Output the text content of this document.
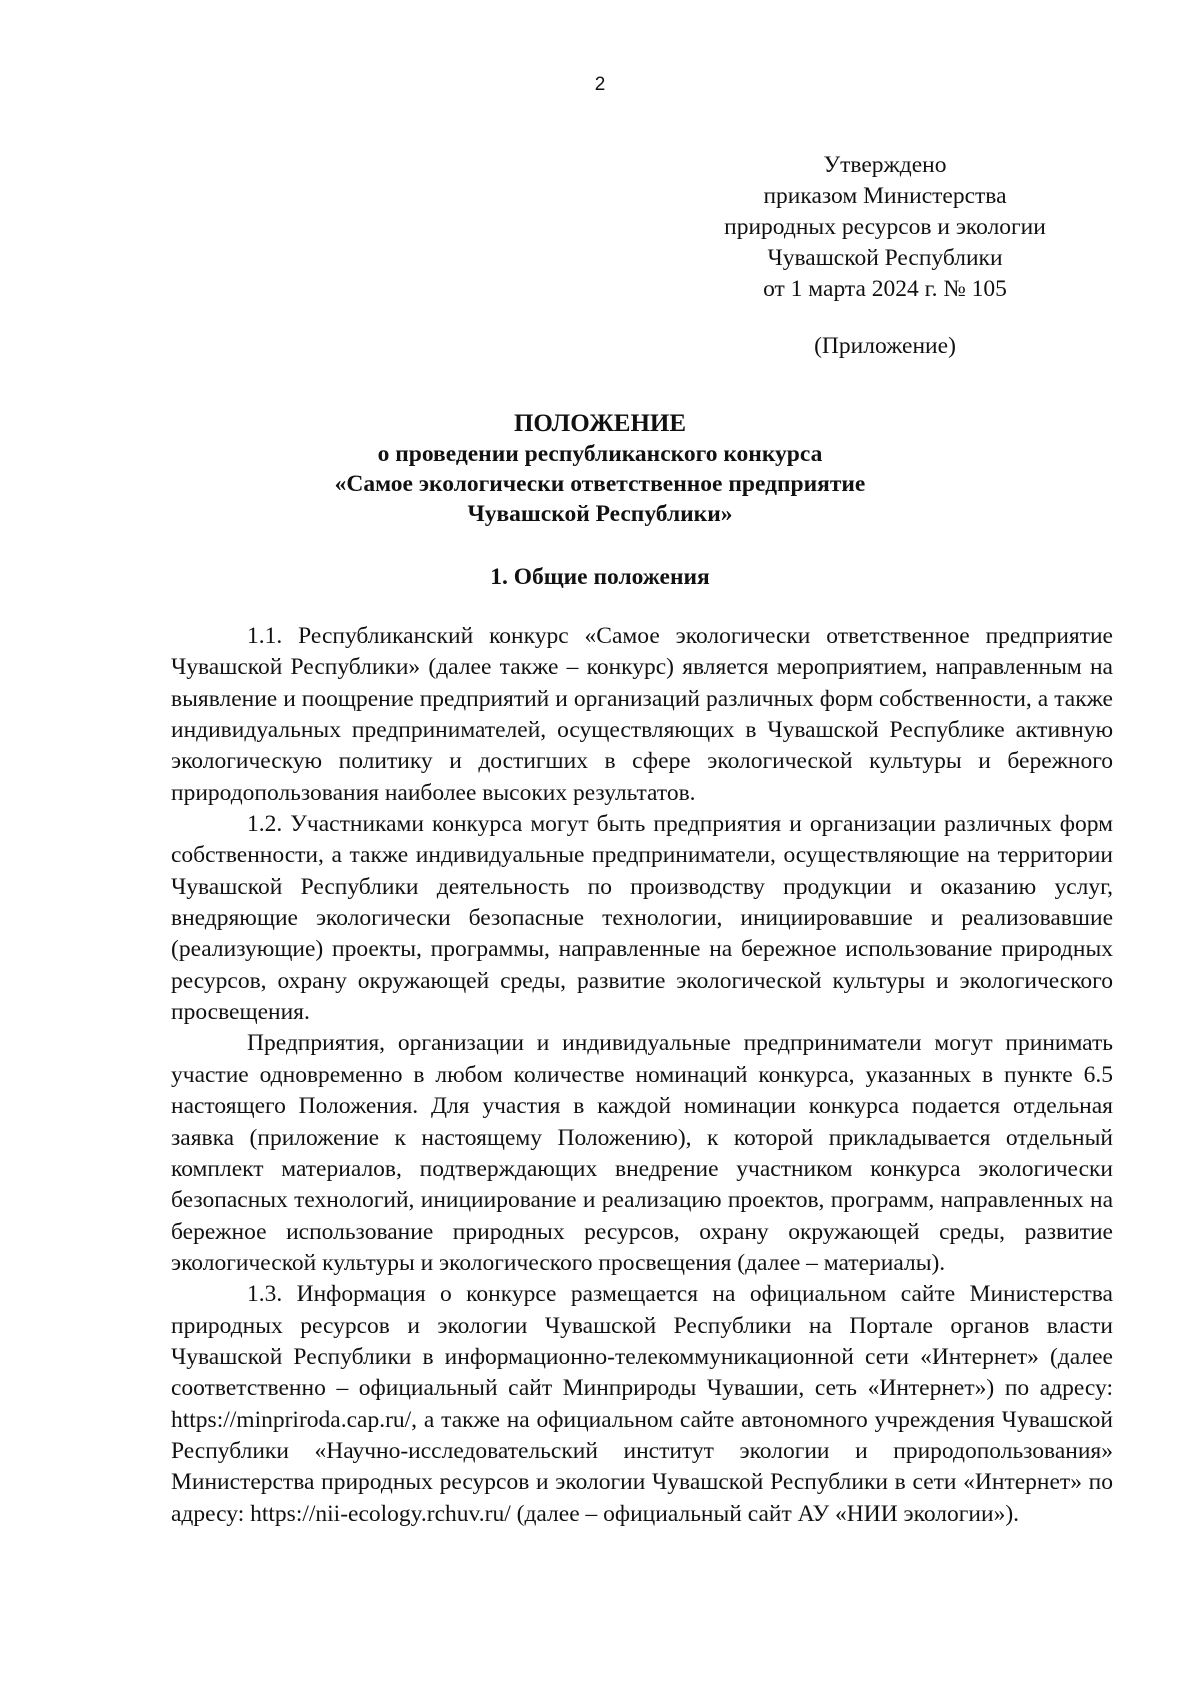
2
Утверждено
приказом Министерства
природных ресурсов и экологии
Чувашской Республики
от 1 марта 2024 г. № 105
(Приложение)
ПОЛОЖЕНИЕ
о проведении республиканского конкурса
«Самое экологически ответственное предприятие
Чувашской Республики»
1. Общие положения

1.1. Республиканский конкурс «Самое экологически ответственное предприятие Чувашской Республики» (далее также – конкурс) является мероприятием, направленным на выявление и поощрение предприятий и организаций различных форм собственности, а также индивидуальных предпринимателей, осуществляющих в Чувашской Республике активную экологическую политику и достигших в сфере экологической культуры и бережного природопользования наиболее высоких результатов.

1.2. Участниками конкурса могут быть предприятия и организации различных форм собственности, а также индивидуальные предприниматели, осуществляющие на территории Чувашской Республики деятельность по производству продукции и оказанию услуг, внедряющие экологически безопасные технологии, инициировавшие и реализовавшие (реализующие) проекты, программы, направленные на бережное использование природных ресурсов, охрану окружающей среды, развитие экологической культуры и экологического просвещения.

Предприятия, организации и индивидуальные предприниматели могут принимать участие одновременно в любом количестве номинаций конкурса, указанных в пункте 6.5 настоящего Положения. Для участия в каждой номинации конкурса подается отдельная заявка (приложение к настоящему Положению), к которой прикладывается отдельный комплект материалов, подтверждающих внедрение участником конкурса экологически безопасных технологий, инициирование и реализацию проектов, программ, направленных на бережное использование природных ресурсов, охрану окружающей среды, развитие экологической культуры и экологического просвещения (далее – материалы).

1.3. Информация о конкурсе размещается на официальном сайте Министерства природных ресурсов и экологии Чувашской Республики на Портале органов власти Чувашской Республики в информационно-телекоммуникационной сети «Интернет» (далее соответственно – официальный сайт Минприроды Чувашии, сеть «Интернет») по адресу: https://minpriroda.cap.ru/, а также на официальном сайте автономного учреждения Чувашской Республики «Научно-исследовательский институт экологии и природопользования» Министерства природных ресурсов и экологии Чувашской Республики в сети «Интернет» по адресу: https://nii-ecology.rchuv.ru/ (далее – официальный сайт АУ «НИИ экологии»).
